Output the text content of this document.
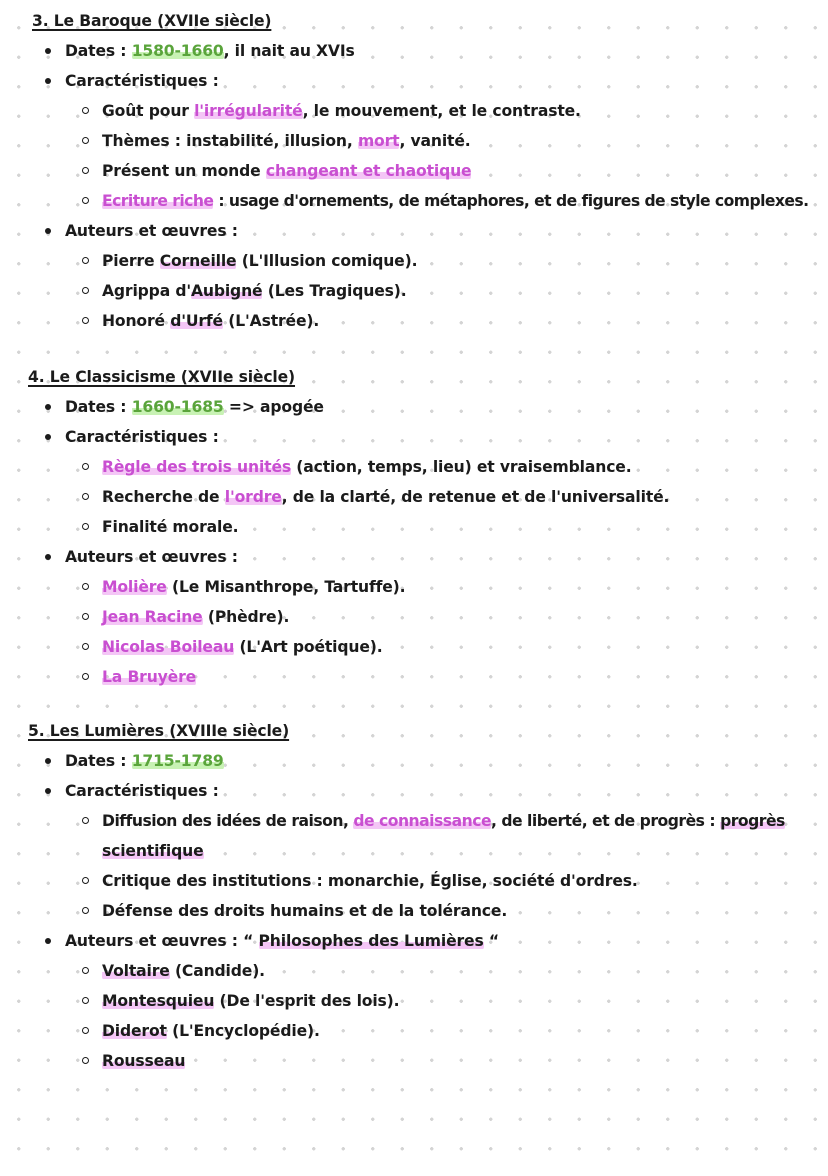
3. Le Baroque (XVIIe siècle)
Dates : 1580-1660, il nait au XVIs
Caractéristiques :
Goût pour l'irrégularité, le mouvement, et le contraste.
Thèmes : instabilité, illusion, mort, vanité.
Présent un monde changeant et chaotique
Ecriture riche : usage d'ornements, de métaphores, et de figures de style complexes.
Auteurs et œuvres :
Pierre Corneille (L'Illusion comique).
Agrippa d'Aubigné (Les Tragiques).
Honoré d'Urfé (L'Astrée).
4. Le Classicisme (XVIIe siècle)
Dates : 1660-1685 => apogée
Caractéristiques :
Règle des trois unités (action, temps, lieu) et vraisemblance.
Recherche de l'ordre, de la clarté, de retenue et de l'universalité.
Finalité morale.
Auteurs et œuvres :
Molière (Le Misanthrope, Tartuffe).
Jean Racine (Phèdre).
Nicolas Boileau (L'Art poétique).
La Bruyère
5. Les Lumières (XVIIIe siècle)
Dates : 1715-1789
Caractéristiques :
Diffusion des idées de raison, de connaissance, de liberté, et de progrès : progrès
scientifique
Critique des institutions : monarchie, Église, société d'ordres.
Défense des droits humains et de la tolérance.
Auteurs et œuvres : “ Philosophes des Lumières “
Voltaire (Candide).
Montesquieu (De l'esprit des lois).
Diderot (L'Encyclopédie).
Rousseau
